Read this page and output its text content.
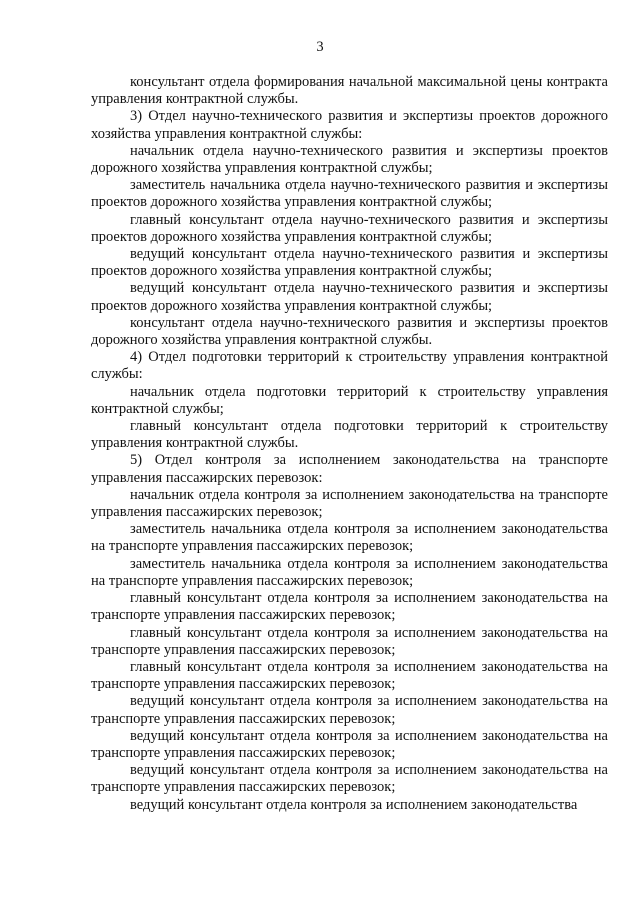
3

консультант отдела формирования начальной максимальной цены контракта управления контрактной службы.

3) Отдел научно-технического развития и экспертизы проектов дорожного хозяйства управления контрактной службы:

начальник отдела научно-технического развития и экспертизы проектов дорожного хозяйства управления контрактной службы;

заместитель начальника отдела научно-технического развития и экспертизы проектов дорожного хозяйства управления контрактной службы;

главный консультант отдела научно-технического развития и экспертизы проектов дорожного хозяйства управления контрактной службы;

ведущий консультант отдела научно-технического развития и экспертизы проектов дорожного хозяйства управления контрактной службы;

ведущий консультант отдела научно-технического развития и экспертизы проектов дорожного хозяйства управления контрактной службы;

консультант отдела научно-технического развития и экспертизы проектов дорожного хозяйства управления контрактной службы.

4) Отдел подготовки территорий к строительству управления контрактной службы:

начальник отдела подготовки территорий к строительству управления контрактной службы;

главный консультант отдела подготовки территорий к строительству управления контрактной службы.

5) Отдел контроля за исполнением законодательства на транспорте управления пассажирских перевозок:

начальник отдела контроля за исполнением законодательства на транспорте управления пассажирских перевозок;

заместитель начальника отдела контроля за исполнением законодательства на транспорте управления пассажирских перевозок;

заместитель начальника отдела контроля за исполнением законодательства на транспорте управления пассажирских перевозок;

главный консультант отдела контроля за исполнением законодательства на транспорте управления пассажирских перевозок;

главный консультант отдела контроля за исполнением законодательства на транспорте управления пассажирских перевозок;

главный консультант отдела контроля за исполнением законодательства на транспорте управления пассажирских перевозок;

ведущий консультант отдела контроля за исполнением законодательства на транспорте управления пассажирских перевозок;

ведущий консультант отдела контроля за исполнением законодательства на транспорте управления пассажирских перевозок;

ведущий консультант отдела контроля за исполнением законодательства на транспорте управления пассажирских перевозок;

ведущий консультант отдела контроля за исполнением законодательства
